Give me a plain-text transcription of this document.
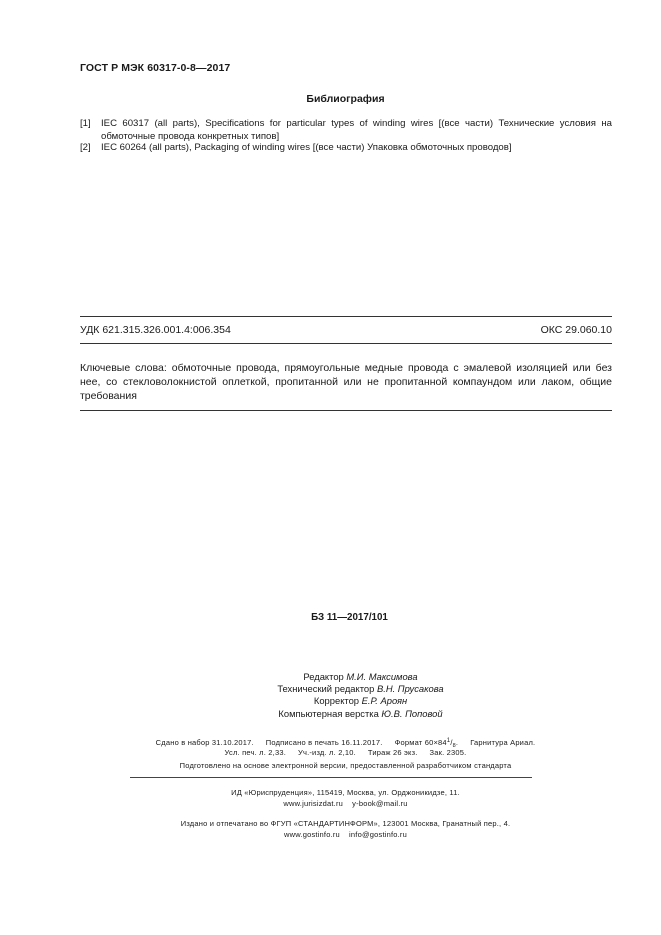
ГОСТ Р МЭК 60317-0-8—2017
Библиография
[1] IEC 60317 (all parts), Specifications for particular types of winding wires [(все части) Технические условия на обмоточные провода конкретных типов]
[2] IEC 60264 (all parts), Packaging of winding wires [(все части) Упаковка обмоточных проводов]
УДК 621.315.326.001.4:006.354	ОКС 29.060.10
Ключевые слова: обмоточные провода, прямоугольные медные провода с эмалевой изоляцией или без нее, со стекловолокнистой оплеткой, пропитанной или не пропитанной компаундом или лаком, общие требования
БЗ 11—2017/101
Редактор М.И. Максимова
Технический редактор В.Н. Прусакова
Корректор Е.Р. Ароян
Компьютерная верстка Ю.В. Поповой
Сдано в набор 31.10.2017. Подписано в печать 16.11.2017. Формат $60\times 84^1/_8$. Гарнитура Ариал.
Усл. печ. л. 2,33. Уч.-изд. л. 2,10. Тираж 26 экз. Зак. 2305.
Подготовлено на основе электронной версии, предоставленной разработчиком стандарта
ИД «Юриспруденция», 115419, Москва, ул. Орджоникидзе, 11.
www.jurisizdat.ru    y-book@mail.ru
Издано и отпечатано во ФГУП «СТАНДАРТИНФОРМ», 123001 Москва, Гранатный пер., 4.
www.gostinfo.ru    info@gostinfo.ru
